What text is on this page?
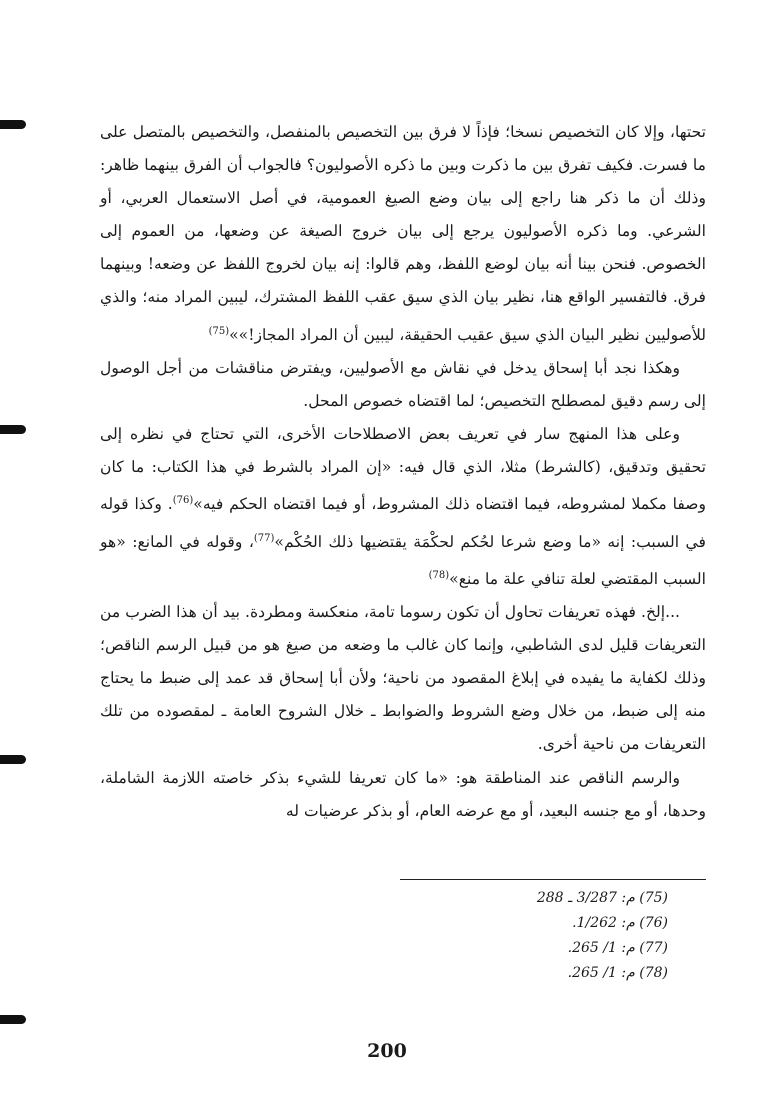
تحتها، وإلا كان التخصيص نسخا؛ فإذاً لا فرق بين التخصيص بالمنفصل، والتخصيص بالمتصل على ما فسرت. فكيف تفرق بين ما ذكرت وبين ما ذكره الأصوليون؟ فالجواب أن الفرق بينهما ظاهر: وذلك أن ما ذكر هنا راجع إلى بيان وضع الصيغ العمومية، في أصل الاستعمال العربي، أو الشرعي. وما ذكره الأصوليون يرجع إلى بيان خروج الصيغة عن وضعها، من العموم إلى الخصوص. فنحن بينا أنه بيان لوضع اللفظ، وهم قالوا: إنه بيان لخروج اللفظ عن وضعه! وبينهما فرق. فالتفسير الواقع هنا، نظير بيان الذي سيق عقب اللفظ المشترك، ليبين المراد منه؛ والذي للأصوليين نظير البيان الذي سيق عقيب الحقيقة، ليبين أن المراد المجاز!»»$^{(75)}$

وهكذا نجد أبا إسحاق يدخل في نقاش مع الأصوليين، ويفترض مناقشات من أجل الوصول إلى رسم دقيق لمصطلح التخصيص؛ لما اقتضاه خصوص المحل.

وعلى هذا المنهج سار في تعريف بعض الاصطلاحات الأخرى، التي تحتاج في نظره إلى تحقيق وتدقيق، (كالشرط) مثلا، الذي قال فيه: «إن المراد بالشرط في هذا الكتاب: ما كان وصفا مكملا لمشروطه، فيما اقتضاه ذلك المشروط، أو فيما اقتضاه الحكم فيه»$^{(76)}$. وكذا قوله في السبب: إنه «ما وضع شرعا لحُكم لحكْمَة يقتضيها ذلك الحُكْم»$^{(77)}$، وقوله في المانع: «هو السبب المقتضي لعلة تنافي علة ما منع»$^{(78)}$

...إلخ. فهذه تعريفات تحاول أن تكون رسوما تامة، منعكسة ومطردة. بيد أن هذا الضرب من التعريفات قليل لدى الشاطبي، وإنما كان غالب ما وضعه من صيغ هو من قبيل الرسم الناقص؛ وذلك لكفاية ما يفيده في إبلاغ المقصود من ناحية؛ ولأن أبا إسحاق قد عمد إلى ضبط ما يحتاج منه إلى ضبط، من خلال وضع الشروط والضوابط ـ خلال الشروح العامة ـ لمقصوده من تلك التعريفات من ناحية أخرى.

والرسم الناقص عند المناطقة هو: «ما كان تعريفا للشيء بذكر خاصته اللازمة الشاملة، وحدها، أو مع جنسه البعيد، أو مع عرضه العام، أو بذكر عرضيات له

(75) م: 3/287 ـ 288
(76) م: 1/262.
(77) م: 1/ 265.
(78) م: 1/ 265.
200
